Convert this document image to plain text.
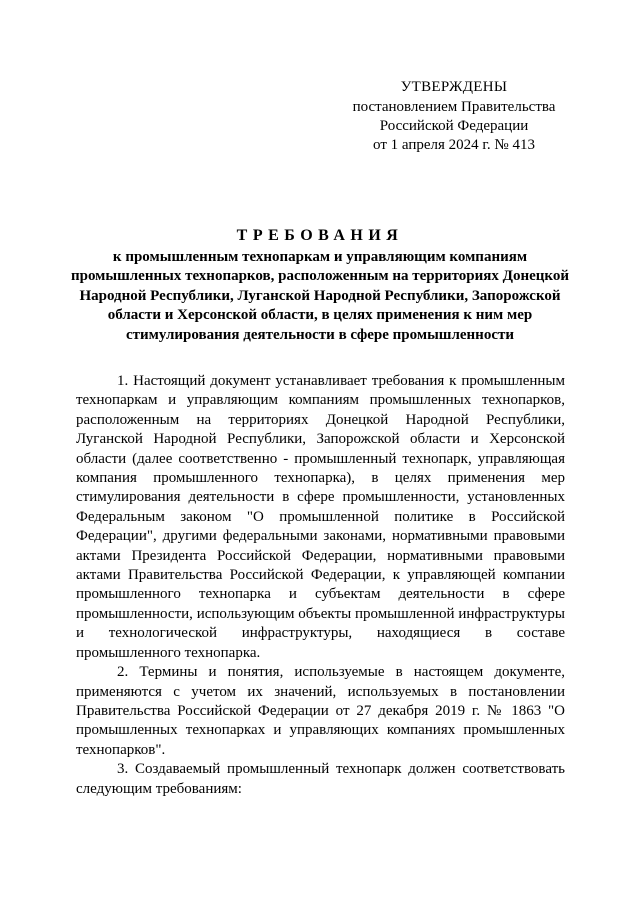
УТВЕРЖДЕНЫ
постановлением Правительства
Российской Федерации
от 1 апреля 2024 г. № 413
ТРЕБОВАНИЯ
к промышленным технопаркам и управляющим компаниям промышленных технопарков, расположенным на территориях Донецкой Народной Республики, Луганской Народной Республики, Запорожской области и Херсонской области, в целях применения к ним мер стимулирования деятельности в сфере промышленности

1. Настоящий документ устанавливает требования к промышленным технопаркам и управляющим компаниям промышленных технопарков, расположенным на территориях Донецкой Народной Республики, Луганской Народной Республики, Запорожской области и Херсонской области (далее соответственно - промышленный технопарк, управляющая компания промышленного технопарка), в целях применения мер стимулирования деятельности в сфере промышленности, установленных Федеральным законом "О промышленной политике в Российской Федерации", другими федеральными законами, нормативными правовыми актами Президента Российской Федерации, нормативными правовыми актами Правительства Российской Федерации, к управляющей компании промышленного технопарка и субъектам деятельности в сфере промышленности, использующим объекты промышленной инфраструктуры и технологической инфраструктуры, находящиеся в составе промышленного технопарка.

2. Термины и понятия, используемые в настоящем документе, применяются с учетом их значений, используемых в постановлении Правительства Российской Федерации от 27 декабря 2019 г. № 1863 "О промышленных технопарках и управляющих компаниях промышленных технопарков".

3. Создаваемый промышленный технопарк должен соответствовать следующим требованиям:
